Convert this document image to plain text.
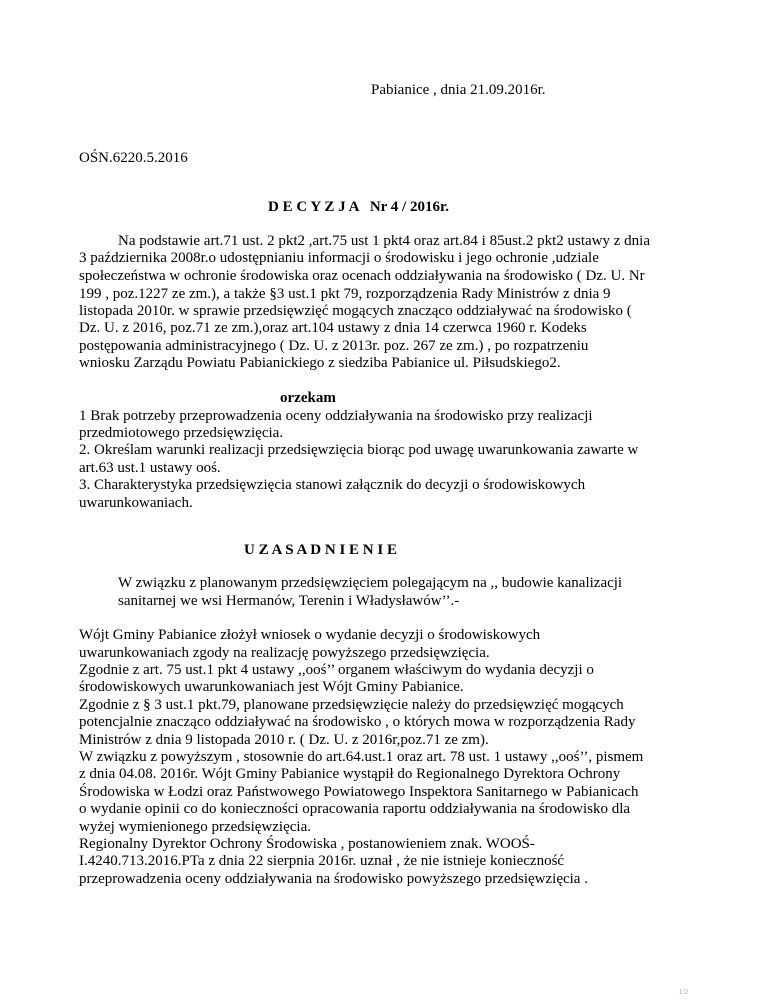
Pabianice , dnia 21.09.2016r.
OŚN.6220.5.2016
D E C Y Z J A   Nr 4 / 2016r.
Na podstawie art.71 ust. 2 pkt2 ,art.75 ust 1 pkt4 oraz art.84 i 85ust.2 pkt2 ustawy z dnia
3 października 2008r.o udostępnianiu informacji o środowisku i jego ochronie ,udziale
społeczeństwa w ochronie środowiska oraz ocenach oddziaływania na środowisko ( Dz. U. Nr
199 , poz.1227 ze zm.), a także §3 ust.1 pkt 79, rozporządzenia Rady Ministrów z dnia 9
listopada 2010r. w sprawie przedsięwzięć mogących znacząco oddziaływać na środowisko (
Dz. U. z 2016, poz.71 ze zm.),oraz art.104 ustawy z dnia 14 czerwca 1960 r. Kodeks
postępowania administracyjnego ( Dz. U. z 2013r. poz. 267 ze zm.) , po rozpatrzeniu
wniosku Zarządu Powiatu Pabianickiego z siedziba Pabianice ul. Piłsudskiego2.
orzekam
1 Brak potrzeby przeprowadzenia oceny oddziaływania na środowisko przy realizacji
przedmiotowego przedsięwzięcia.
2. Określam warunki realizacji przedsięwzięcia biorąc pod uwagę uwarunkowania zawarte w
art.63 ust.1 ustawy ooś.
3. Charakterystyka przedsięwzięcia stanowi załącznik do decyzji o środowiskowych
uwarunkowaniach.
U Z A S A D N I E N I E
W związku z planowanym przedsięwzięciem polegającym na ,, budowie kanalizacji
sanitarnej we wsi Hermanów, Terenin i Władysławów’’.-
Wójt Gminy Pabianice złożył wniosek o wydanie decyzji o środowiskowych
uwarunkowaniach zgody na realizację powyższego przedsięwzięcia.
Zgodnie z art. 75 ust.1 pkt 4 ustawy ,,ooś’’ organem właściwym do wydania decyzji o
środowiskowych uwarunkowaniach jest Wójt Gminy Pabianice.
Zgodnie z § 3 ust.1 pkt.79, planowane przedsięwzięcie należy do przedsięwzięć mogących
potencjalnie znacząco oddziaływać na środowisko , o których mowa w rozporządzenia Rady
Ministrów z dnia 9 listopada 2010 r. ( Dz. U. z 2016r,poz.71 ze zm).
W związku z powyższym , stosownie do art.64.ust.1 oraz art. 78 ust. 1 ustawy ,,ooś’’, pismem
z dnia 04.08. 2016r. Wójt Gminy Pabianice wystąpił do Regionalnego Dyrektora Ochrony
Środowiska w Łodzi oraz Państwowego Powiatowego Inspektora Sanitarnego w Pabianicach
o wydanie opinii co do konieczności opracowania raportu oddziaływania na środowisko dla
wyżej wymienionego przedsięwzięcia.
Regionalny Dyrektor Ochrony Środowiska , postanowieniem znak. WOOŚ-
I.4240.713.2016.PTa z dnia 22 sierpnia 2016r. uznał , że nie istnieje konieczność
przeprowadzenia oceny oddziaływania na środowisko powyższego przedsięwzięcia .
1/2
